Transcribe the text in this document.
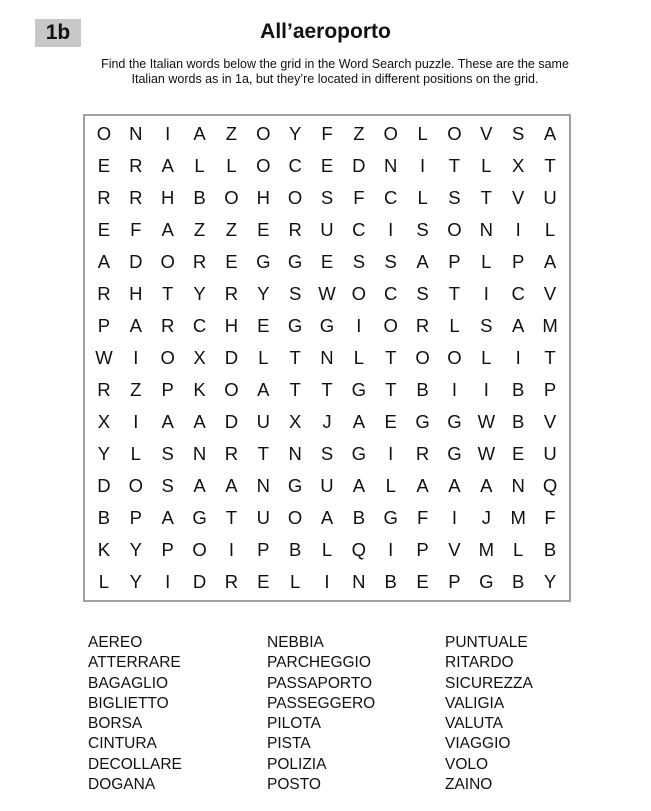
1b	All’aeroporto
Find the Italian words below the grid in the Word Search puzzle. These are the same
Italian words as in 1a, but they’re located in different positions on the grid.
O N	I	A	Z	O	Y	F	Z	O	L	O	V	S	A
E	R	A	L	L	O C	E	D N	I	T	L	X	T
R R	H	B	O H O	S	F	C	L	S	T	V	U
E	F	A	Z	Z	E	R U	C	I	S	O N	I	L
A	D O R	E	G G	E	S	S	A	P	L	P	A
R H	T	Y	R	Y	S W O C	S	T	I	C	V
P	A	R C	H	E	G G	I	O R	L	S	A M
W	I	O	X	D	L	T	N	L	T	O O	L	I	T
R	Z	P	K	O	A	T	T	G	T	B	I	I	B	P
X	I	A	A	D U	X	J	A	E	G G W B	V
Y	L	S	N	R	T	N	S	G	I	R G W E	U
D O	S	A	A	N G U	A	L	A	A	A	N Q
B	P	A	G	T	U O	A	B	G	F	I	J	M	F
K	Y	P	O	I	P	B	L	Q	I	P	V M	L	B
L	Y	I	D	R	E	L	I	N	B	E	P	G	B	Y
AEREO
ATTERRARE
BAGAGLIO
BIGLIETTO
BORSA
CINTURA
DECOLLARE
DOGANA
NEBBIA
PARCHEGGIO
PASSAPORTO
PASSEGGERO
PILOTA
PISTA
POLIZIA
POSTO
PUNTUALE
RITARDO
SICUREZZA
VALIGIA
VALUTA
VIAGGIO
VOLO
ZAINO
